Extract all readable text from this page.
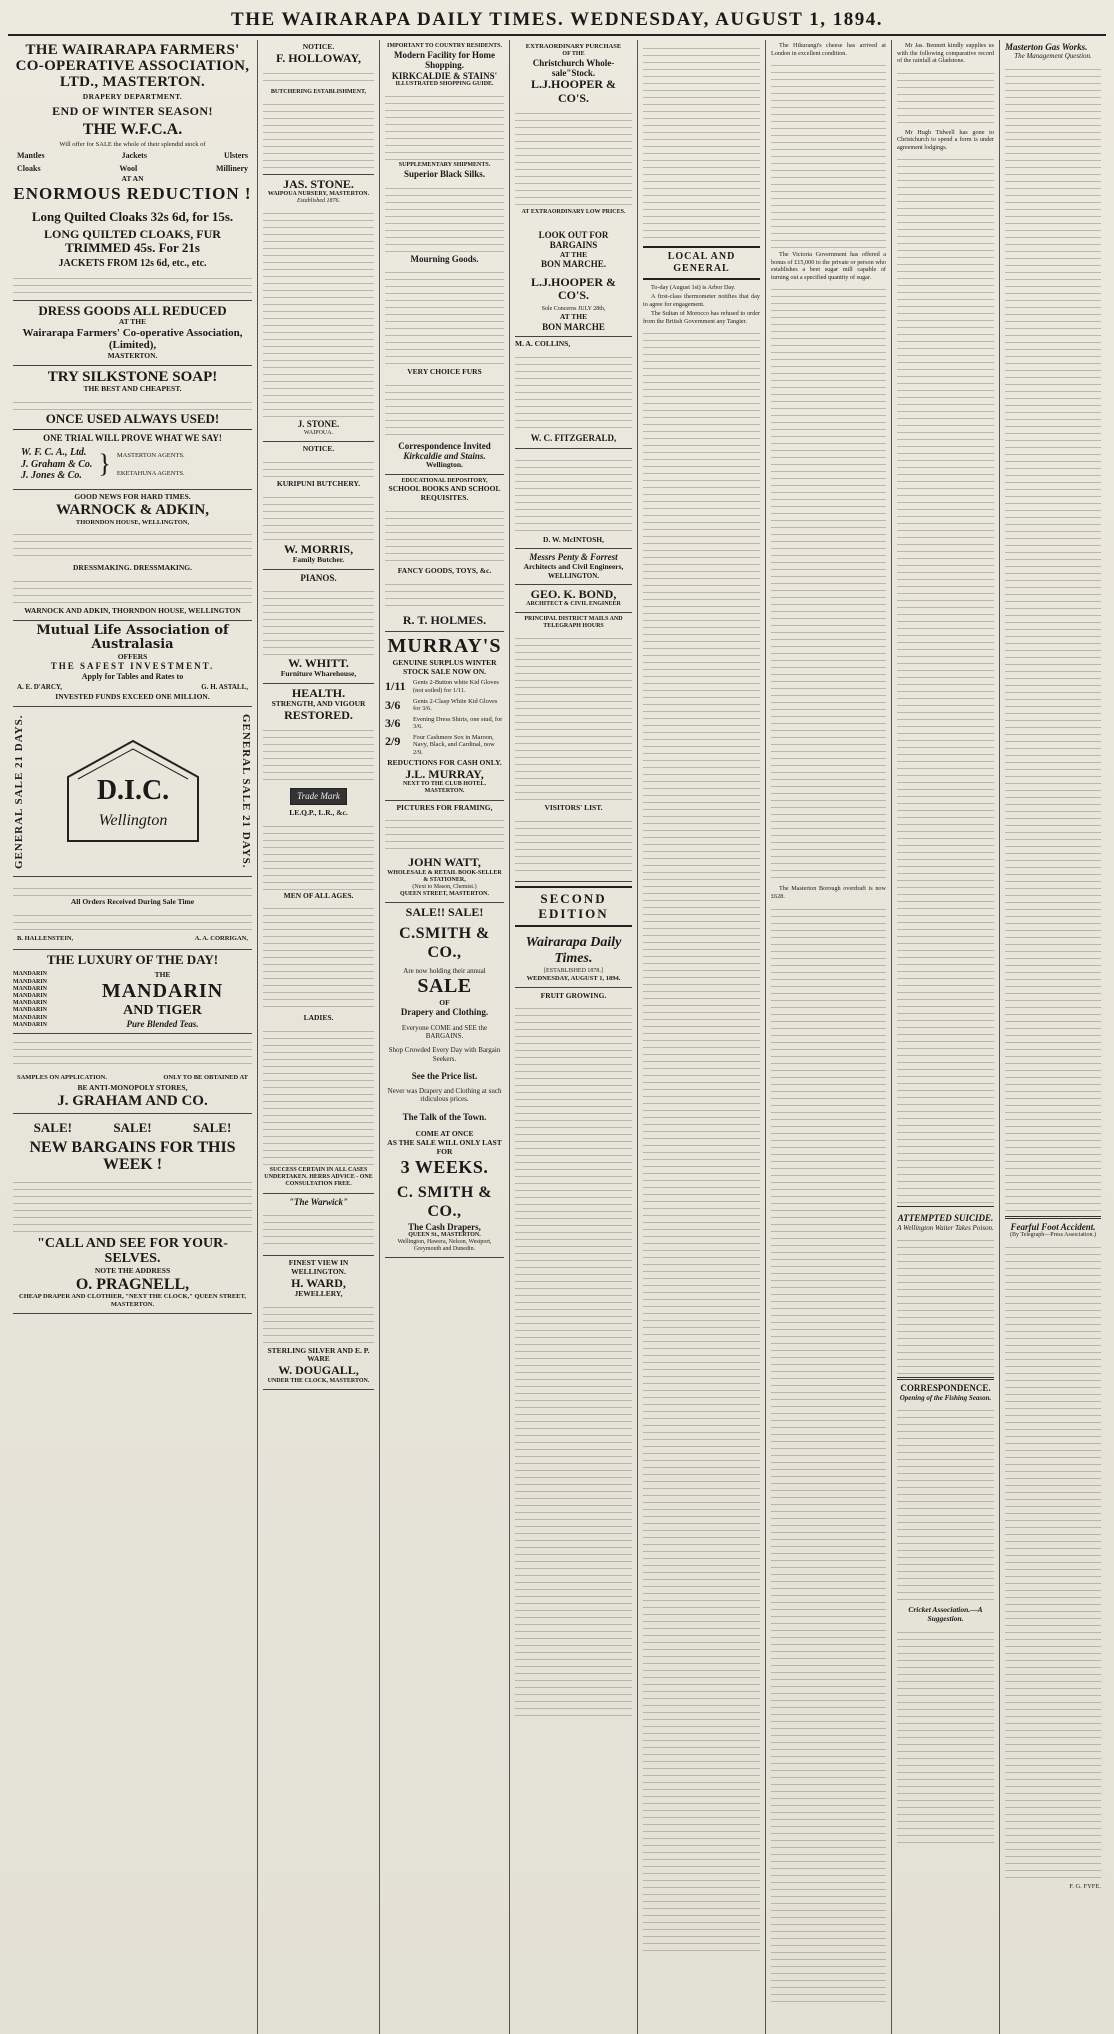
THE WAIRARAPA DAILY TIMES. WEDNESDAY, AUGUST 1, 1894.
THE WAIRARAPA FARMERS' CO-OPERATIVE ASSOCIATION, LTD., MASTERTON.
DRAPERY DEPARTMENT.
END OF WINTER SEASON!
THE W.F.C.A.
Will offer for SALE the whole of their splendid stock of
Mantles	Jackets	Ulsters
Cloaks	Wool	Millinery
AT AN
ENORMOUS REDUCTION !
Long Quilted Cloaks 32s 6d, for 15s.
LONG QUILTED CLOAKS, FUR
TRIMMED 45s. For 21s
JACKETS FROM 12s 6d, etc., etc.
DRESS GOODS ALL REDUCED
AT THE
Wairarapa Farmers' Co-operative Association, (Limited),
MASTERTON.
TRY SILKSTONE SOAP!
THE BEST AND CHEAPEST.
ONCE USED ALWAYS USED!
ONE TRIAL WILL PROVE WHAT WE SAY!
W. F. C. A., Ltd.
J. Graham & Co.
J. Jones & Co. } MASTERTON AGENTS.
EKETAHUNA AGENTS.
GOOD NEWS FOR HARD TIMES.
WARNOCK & ADKIN,
THORNDON HOUSE, WELLINGTON,
DRESSMAKING. DRESSMAKING.
WARNOCK AND ADKIN, THORNDON HOUSE, WELLINGTON
Mutual Life Association of Australasia
OFFERS
THE SAFEST INVESTMENT.
Apply for Tables and Rates to
A. E. D'ARCY,	G. H. ASTALL,
INVESTED FUNDS EXCEED ONE MILLION.
GENERAL SALE 21 DAYS.
D.I.C.
Wellington
GENERAL SALE 21 DAYS.
All Orders Received During Sale Time
B. HALLENSTEIN,	A. A. CORRIGAN,
THE LUXURY OF THE DAY!
MANDARIN
MANDARIN
MANDARIN
MANDARIN
MANDARIN
MANDARIN
MANDARIN
MANDARIN
THE
MANDARIN
AND TIGER
Pure Blended Teas.
SAMPLES ON APPLICATION.	ONLY TO BE OBTAINED AT
BE ANTI-MONOPOLY STORES,
J. GRAHAM AND CO.
SALE!	SALE!	SALE!
NEW BARGAINS FOR THIS WEEK !
"CALL AND SEE FOR YOUR-SELVES.
NOTE THE ADDRESS
O. PRAGNELL,
CHEAP DRAPER AND CLOTHIER, "NEXT THE CLOCK," QUEEN STREET, MASTERTON.
NOTICE.
F. HOLLOWAY,
BUTCHERING ESTABLISHMENT,
JAS. STONE.
WAIPOUA NURSERY, MASTERTON.
Established 1876.
J. STONE.
WAIPOUA.
NOTICE.
KURIPUNI BUTCHERY.
W. MORRIS,
Family Butcher.
PIANOS.
W. WHITT.
Furniture Wharehouse,
HEALTH.
STRENGTH, AND VIGOUR
RESTORED.
Trade Mark
LE.Q.P., L.R., &c.
MEN OF ALL AGES.
LADIES.
SUCCESS CERTAIN IN ALL CASES UNDERTAKEN. HERRS ADVICE - ONE CONSULTATION FREE.
"The Warwick"
FINEST VIEW IN WELLINGTON.
H. WARD,
JEWELLERY,
STERLING SILVER AND E. P. WARE
W. DOUGALL,
UNDER THE CLOCK, MASTERTON.
IMPORTANT TO COUNTRY RESIDENTS.
Modern Facility for Home Shopping.
KIRKCALDIE & STAINS'
ILLUSTRATED SHOPPING GUIDE.
SUPPLEMENTARY SHIPMENTS.
Superior Black Silks.
Mourning Goods.
VERY CHOICE FURS
Correspondence Invited
Kirkcaldie and Stains.
Wellington.
EDUCATIONAL DEPOSITORY,
SCHOOL BOOKS AND SCHOOL REQUISITES.
FANCY GOODS, TOYS, &c.
R. T. HOLMES.
MURRAY'S
GENUINE SURPLUS WINTER STOCK SALE NOW ON.
1/11	Gents 2-Button white Kid Gloves (not soiled) for 1/11.
3/6	Gents 2-Clasp White Kid Gloves for 3/6.
3/6	Evening Dress Shirts, one stud, for 3/6.
2/9	Four Cashmere Sox in Maroon, Navy, Black, and Cardinal, now 2/9.
REDUCTIONS FOR CASH ONLY.
J.L. MURRAY,
NEXT TO THE CLUB HOTEL.
MASTERTON.
PICTURES FOR FRAMING,
JOHN WATT,
WHOLESALE & RETAIL BOOK-SELLER & STATIONER,
(Next to Mason, Chemist.)
QUEEN STREET, MASTERTON.
SALE!! SALE!
C.SMITH & CO.,
Are now holding their annual
SALE
OF
Drapery and Clothing.
Everyone COME and SEE the BARGAINS.
Shop Crowded Every Day with Bargain Seekers.
See the Price list.
Never was Drapery and Clothing at such ridiculous prices.
The Talk of the Town.
COME AT ONCE
AS THE SALE WILL ONLY LAST FOR
3 WEEKS.
C. SMITH & CO.,
The Cash Drapers,
QUEEN St., MASTERTON.
Wellington, Hawera, Nelson, Westport, Greymouth and Dunedin.
EXTRAORDINARY PURCHASE
OF THE
Christchurch Whole-sale"Stock.
L.J.HOOPER & CO'S.
AT EXTRAORDINARY LOW PRICES.
LOOK OUT FOR BARGAINS
AT THE
BON MARCHE.
L.J.HOOPER & CO'S.
Sole Concerns JULY 28th,
AT THE
BON MARCHE
M. A. COLLINS,
W. C. FITZGERALD,
D. W. McINTOSH,
Messrs Penty & Forrest
Architects and Civil Engineers,
WELLINGTON.
GEO. K. BOND,
ARCHITECT & CIVIL ENGINEER
PRINCIPAL DISTRICT MAILS AND TELEGRAPH HOURS
VISITORS' LIST.
SECOND EDITION
Wairarapa Daily Times.
[ESTABLISHED 1878.]
WEDNESDAY, AUGUST 1, 1894.
FRUIT GROWING.
LOCAL AND GENERAL
To-day (August 1st) is Arbor Day.
A first-class thermometer notifies that day to agree for engagement.
The Sultan of Morocco has refused to order from the British Government any Tangier.
The Hikurangi's cheese has arrived at London in excellent condition.
The Victoria Government has offered a bonus of £15,000 to the private or person who establishes a beet sugar mill capable of turning out a specified quantity of sugar.
The Masterton Borough overdraft is now £628.
Mr Jas. Bennett kindly supplies us with the following comparative record of the rainfall at Gladstone.
Mr Hugh Tidwell has gone to Christchurch to spend a form is under agreement lodgings.
ATTEMPTED SUICIDE.
A Wellington Waiter Takes Poison.
CORRESPONDENCE.
Opening of the Fishing Season.
Cricket Association.—A Suggestion.
Masterton Gas Works.
The Management Question.
Fearful Foot Accident.
(By Telegraph—Press Association.)
F. G. FYFE.
